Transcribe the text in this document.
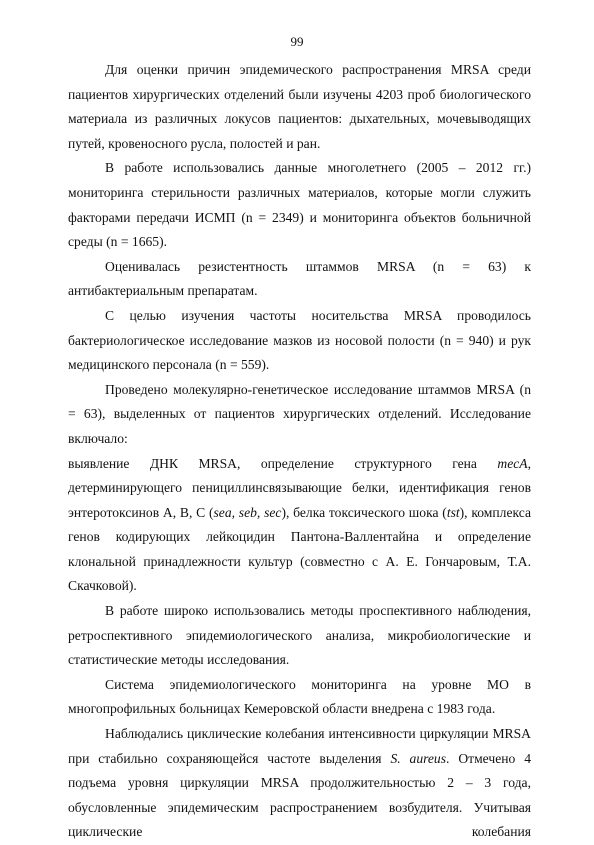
99

Для оценки причин эпидемического распространения MRSA среди пациентов хирургических отделений были изучены 4203 проб биологического материала из различных локусов пациентов: дыхательных, мочевыводящих путей, кровеносного русла, полостей и ран.

В работе использовались данные многолетнего (2005 – 2012 гг.) мониторинга стерильности различных материалов, которые могли служить факторами передачи ИСМП (n = 2349) и мониторинга объектов больничной среды (n = 1665).

Оценивалась резистентность штаммов MRSA (n = 63) к антибактериальным препаратам.

С целью изучения частоты носительства MRSA проводилось бактериологическое исследование мазков из носовой полости (n = 940) и рук медицинского персонала (n = 559).

Проведено молекулярно-генетическое исследование штаммов MRSA (n = 63), выделенных от пациентов хирургических отделений. Исследование включало:

выявление ДНК MRSA, определение структурного гена mecA, детерминирующего пенициллинсвязывающие белки, идентификация генов энтеротоксинов А, В, С (sea, seb, sec), белка токсического шока (tst), комплекса генов кодирующих лейкоцидин Пантона-Валлентайна и определение клональной принадлежности культур (совместно с А. Е. Гончаровым, Т.А. Скачковой).

В работе широко использовались методы проспективного наблюдения, ретроспективного эпидемиологического анализа, микробиологические и статистические методы исследования.

Система эпидемиологического мониторинга на уровне МО в многопрофильных больницах Кемеровской области внедрена с 1983 года.

Наблюдались циклические колебания интенсивности циркуляции MRSA при стабильно сохраняющейся частоте выделения S. aureus. Отмечено 4 подъема уровня циркуляции MRSA продолжительностью 2 – 3 года, обусловленные эпидемическим распространением возбудителя. Учитывая циклические колебания
